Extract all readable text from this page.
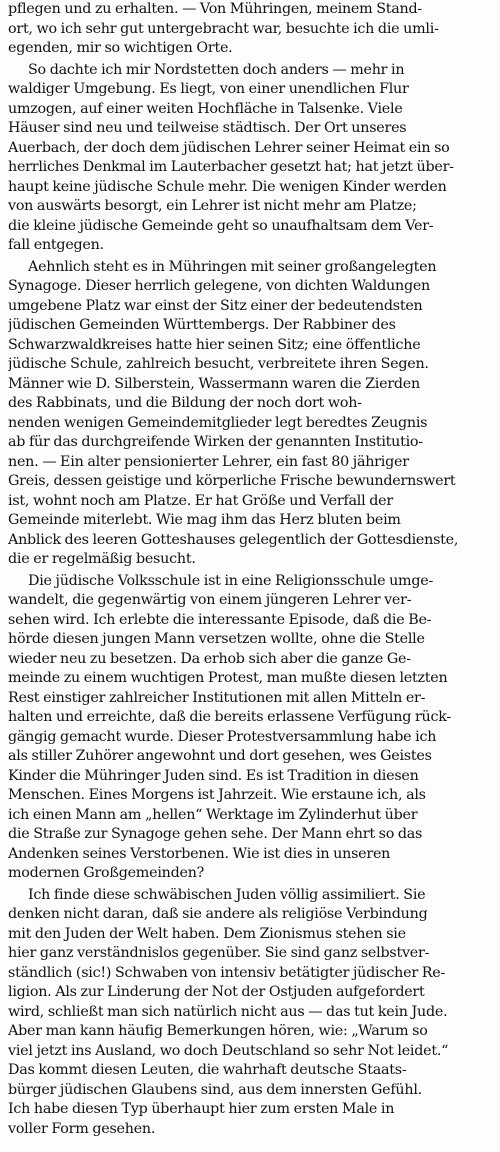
pflegen und zu erhalten. — Von Mühringen, meinem Stand-
ort, wo ich sehr gut untergebracht war, besuchte ich die umli-
egenden, mir so wichtigen Orte.
So dachte ich mir Nordstetten doch anders — mehr in
waldiger Umgebung. Es liegt, von einer unendlichen Flur
umzogen, auf einer weiten Hochfläche in Talsenke. Viele
Häuser sind neu und teilweise städtisch. Der Ort unseres
Auerbach, der doch dem jüdischen Lehrer seiner Heimat ein so
herrliches Denkmal im Lauterbacher gesetzt hat; hat jetzt über-
haupt keine jüdische Schule mehr. Die wenigen Kinder werden
von auswärts besorgt, ein Lehrer ist nicht mehr am Platze;
die kleine jüdische Gemeinde geht so unaufhaltsam dem Ver-
fall entgegen.
Aehnlich steht es in Mühringen mit seiner großangelegten
Synagoge. Dieser herrlich gelegene, von dichten Waldungen
umgebene Platz war einst der Sitz einer der bedeutendsten
jüdischen Gemeinden Württembergs. Der Rabbiner des
Schwarzwaldkreises hatte hier seinen Sitz; eine öffentliche
jüdische Schule, zahlreich besucht, verbreitete ihren Segen.
Männer wie D. Silberstein, Wassermann waren die Zierden
des Rabbinats, und die Bildung der noch dort woh-
nenden wenigen Gemeindemitglieder legt beredtes Zeugnis
ab für das durchgreifende Wirken der genannten Institutio-
nen. — Ein alter pensionierter Lehrer, ein fast 80 jähriger
Greis, dessen geistige und körperliche Frische bewundernswert
ist, wohnt noch am Platze. Er hat Größe und Verfall der
Gemeinde miterlebt. Wie mag ihm das Herz bluten beim
Anblick des leeren Gotteshauses gelegentlich der Gottesdienste,
die er regelmäßig besucht.
Die jüdische Volksschule ist in eine Religionsschule umge-
wandelt, die gegenwärtig von einem jüngeren Lehrer ver-
sehen wird. Ich erlebte die interessante Episode, daß die Be-
hörde diesen jungen Mann versetzen wollte, ohne die Stelle
wieder neu zu besetzen. Da erhob sich aber die ganze Ge-
meinde zu einem wuchtigen Protest, man mußte diesen letzten
Rest einstiger zahlreicher Institutionen mit allen Mitteln er-
halten und erreichte, daß die bereits erlassene Verfügung rück-
gängig gemacht wurde. Dieser Protestversammlung habe ich
als stiller Zuhörer angewohnt und dort gesehen, wes Geistes
Kinder die Mühringer Juden sind. Es ist Tradition in diesen
Menschen. Eines Morgens ist Jahrzeit. Wie erstaune ich, als
ich einen Mann am „hellen“ Werktage im Zylinderhut über
die Straße zur Synagoge gehen sehe. Der Mann ehrt so das
Andenken seines Verstorbenen. Wie ist dies in unseren
modernen Großgemeinden?
Ich finde diese schwäbischen Juden völlig assimiliert. Sie
denken nicht daran, daß sie andere als religiöse Verbindung
mit den Juden der Welt haben. Dem Zionismus stehen sie
hier ganz verständnislos gegenüber. Sie sind ganz selbstver-
ständlich (sic!) Schwaben von intensiv betätigter jüdischer Re-
ligion. Als zur Linderung der Not der Ostjuden aufgefordert
wird, schließt man sich natürlich nicht aus — das tut kein Jude.
Aber man kann häufig Bemerkungen hören, wie: „Warum so
viel jetzt ins Ausland, wo doch Deutschland so sehr Not leidet.“
Das kommt diesen Leuten, die wahrhaft deutsche Staats-
bürger jüdischen Glaubens sind, aus dem innersten Gefühl.
Ich habe diesen Typ überhaupt hier zum ersten Male in
voller Form gesehen.
